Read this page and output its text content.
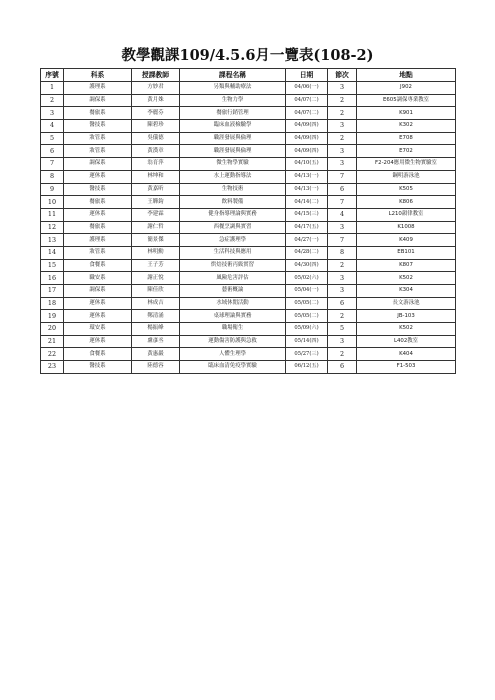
教學觀課109/4.5.6月一覽表(108-2)
序號	科系	授課教師	課程名稱	日期	節次	地點
1	護理系	方妙君	另類與輔助療法	04/06(一)	3	J902
2	調保系	黃月姝	生物力學	04/07(二)	2	E605調保專業教室
3	餐旅系	李麗芬	餐旅行銷管理	04/07(二)	2	K901
4	醫技系	陳碧珍	臨床血液檢驗學	04/09(四)	3	K302
5	妝管系	吳儀德	職涯發展與倫理	04/09(四)	2	E708
6	妝管系	黃漢章	職涯發展與倫理	04/09(四)	3	E702
7	調保系	翁育萍	微生物學實驗	04/10(五)	3	F2-204應用微生物實驗室
8	運休系	林坤和	水上運動指導法	04/13(一)	7	鋼明游泳池
9	醫技系	黃嘉昕	生物技術	04/13(一)	6	K505
10	餐旅系	王韡鈞	飲料製備	04/14(二)	7	K806
11	運休系	李建霖	健身指導理論與實務	04/15(三)	4	L210韻律教室
12	餐旅系	謝仁哲	西餐烹調與實習	04/17(五)	3	K1008
13	護理系	簡景傑	急症護理學	04/27(一)	7	K409
14	妝管系	林明勳	生活科技與應用	04/28(二)	8	EB101
15	食餐系	王子芳	烘焙技術丙級實習	04/30(四)	2	K807
16	職安系	謝正悅	風險危害評估	05/02(六)	3	K502
17	調保系	陳佳欣	藝術概論	05/04(一)	3	K304
18	運休系	林成吉	水域休閒活動	05/05(二)	6	長文游泳池
19	運休系	鄭清涌	桌球理論與實務	05/05(二)	2	JB-103
20	環安系	楊振峰	職場衛生	05/09(六)	5	K502
21	運休系	盧彥丞	運動傷害防護與急救	05/14(四)	3	L402教室
22	食餐系	黃惠巖	人體生理學	05/27(三)	2	K404
23	醫技系	陸德容	臨床血清免疫學實驗	06/12(五)	6	F1-503
